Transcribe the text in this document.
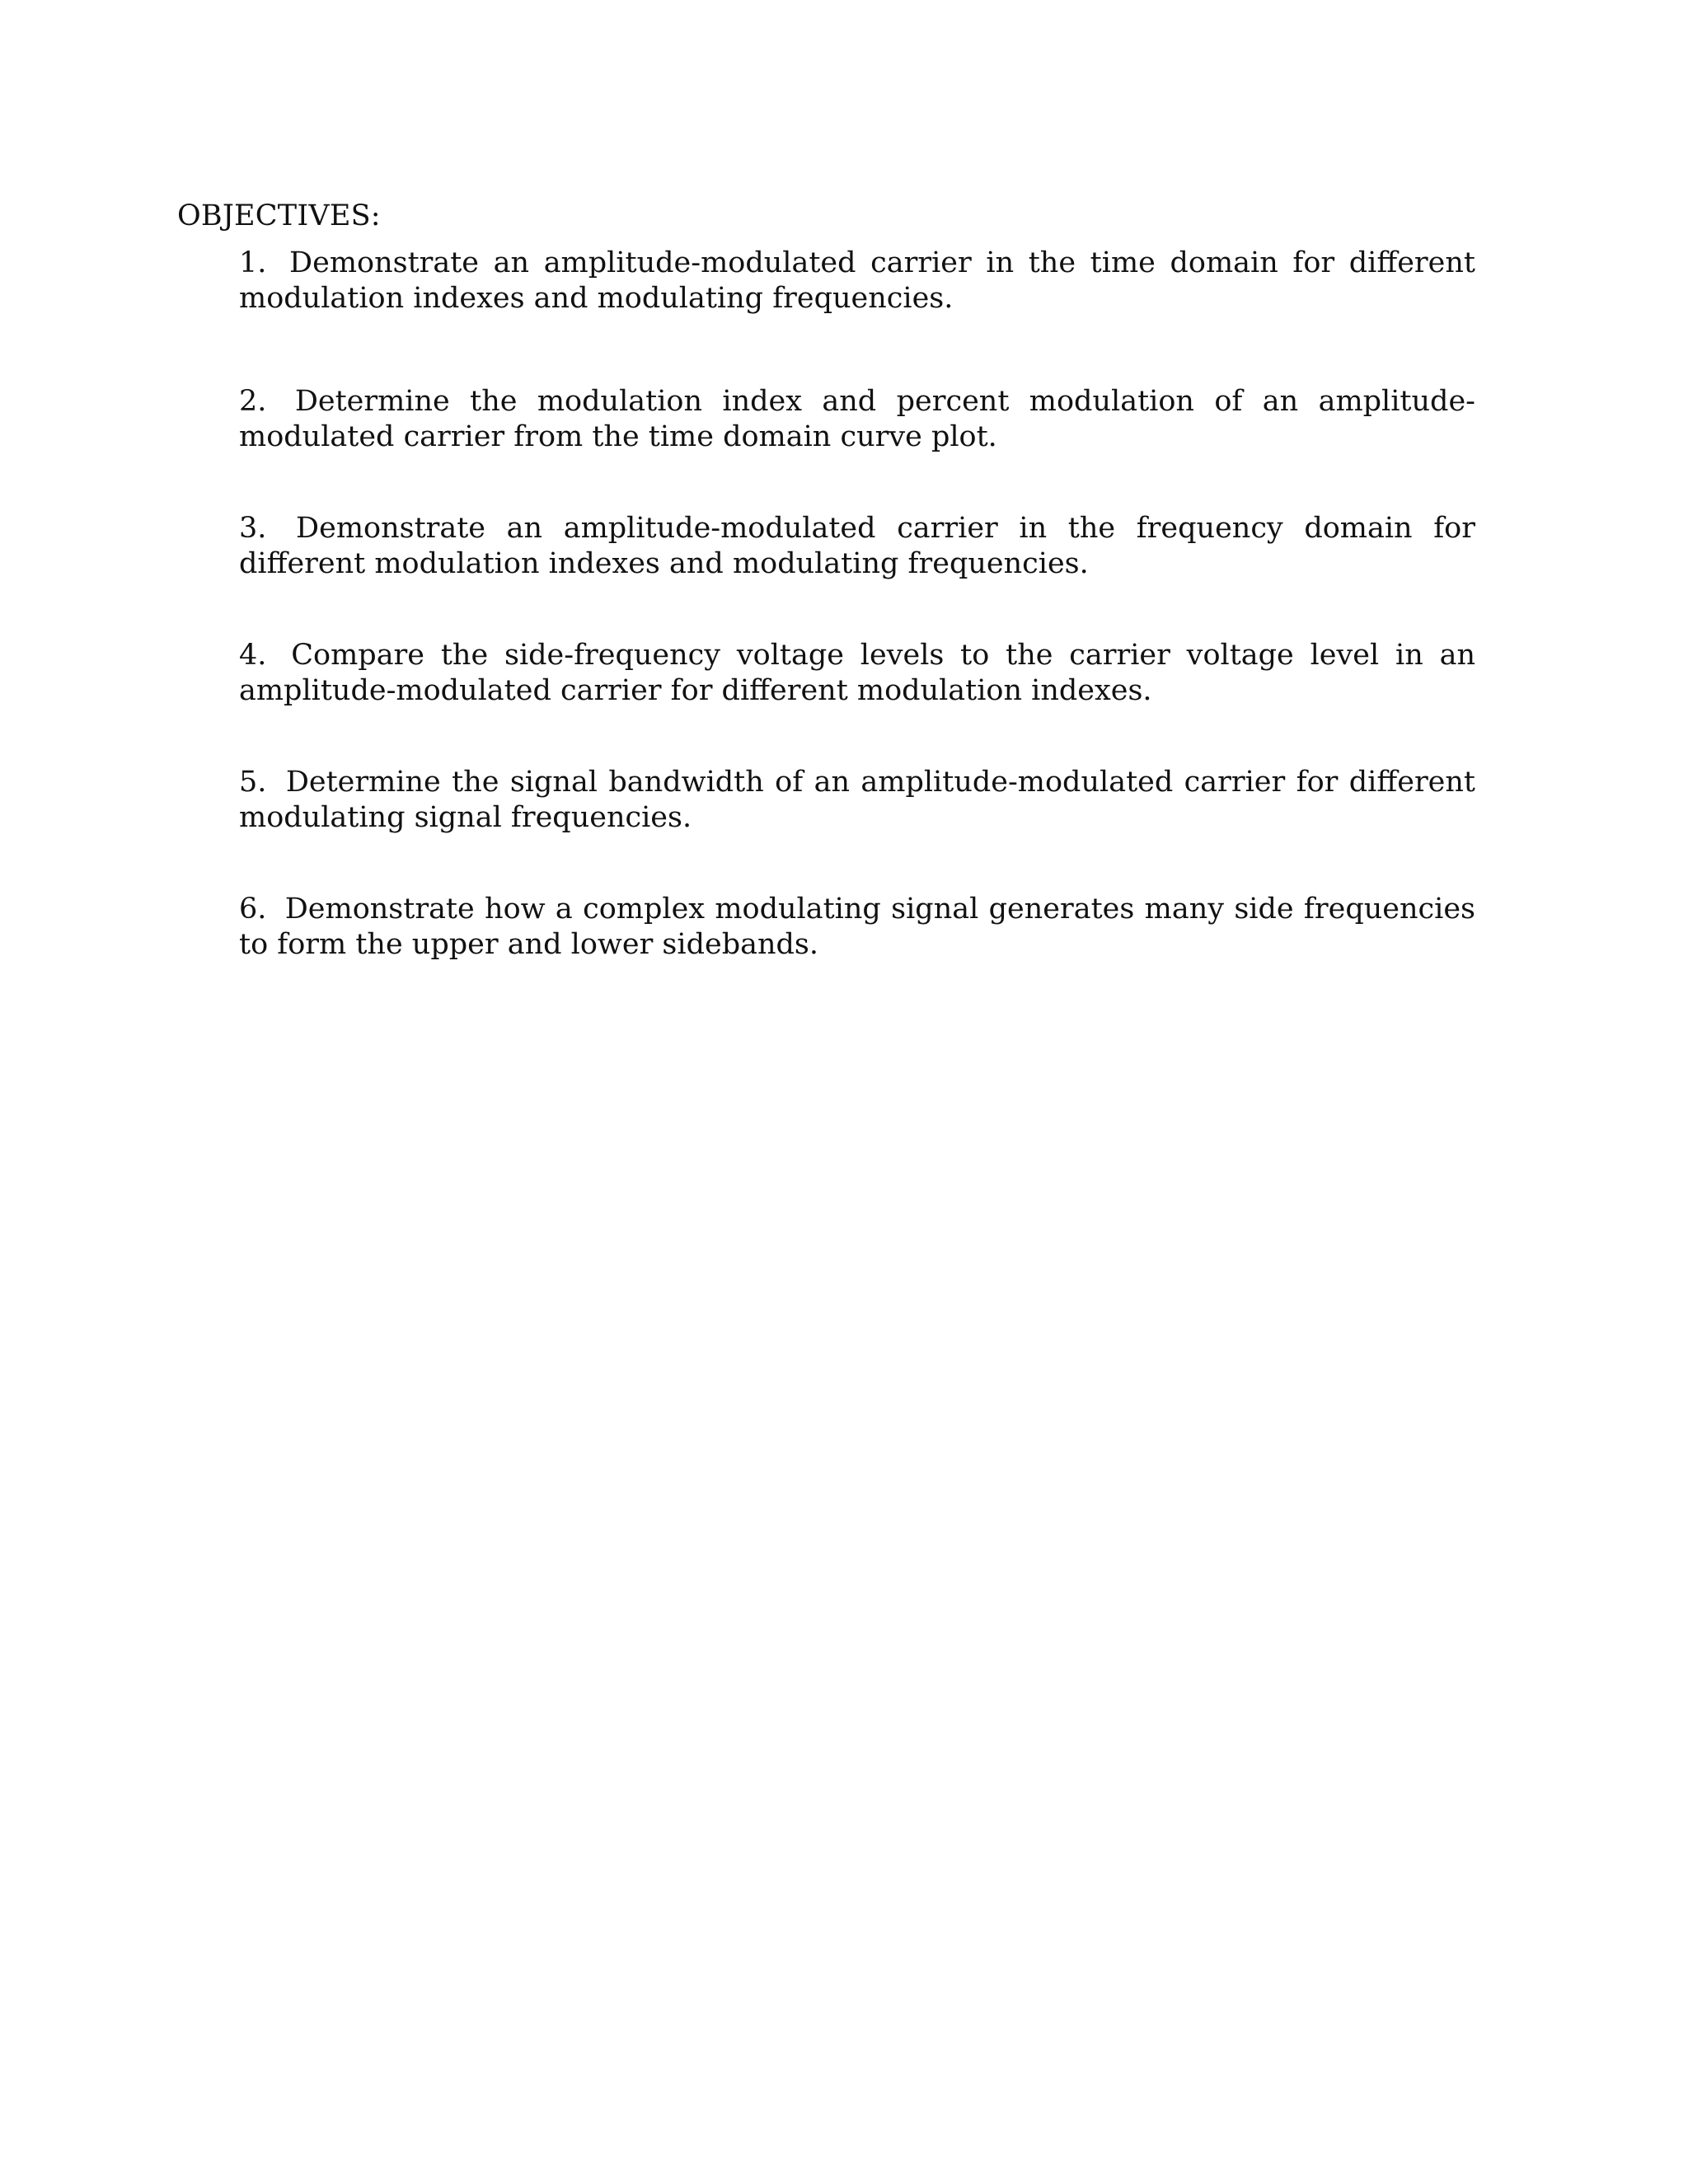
OBJECTIVES:
1. Demonstrate an amplitude-modulated carrier in the time domain for different modulation indexes and modulating frequencies.
2. Determine the modulation index and percent modulation of an amplitude-modulated carrier from the time domain curve plot.
3. Demonstrate an amplitude-modulated carrier in the frequency domain for different modulation indexes and modulating frequencies.
4. Compare the side-frequency voltage levels to the carrier voltage level in an amplitude-modulated carrier for different modulation indexes.
5. Determine the signal bandwidth of an amplitude-modulated carrier for different modulating signal frequencies.
6. Demonstrate how a complex modulating signal generates many side frequencies to form the upper and lower sidebands.
